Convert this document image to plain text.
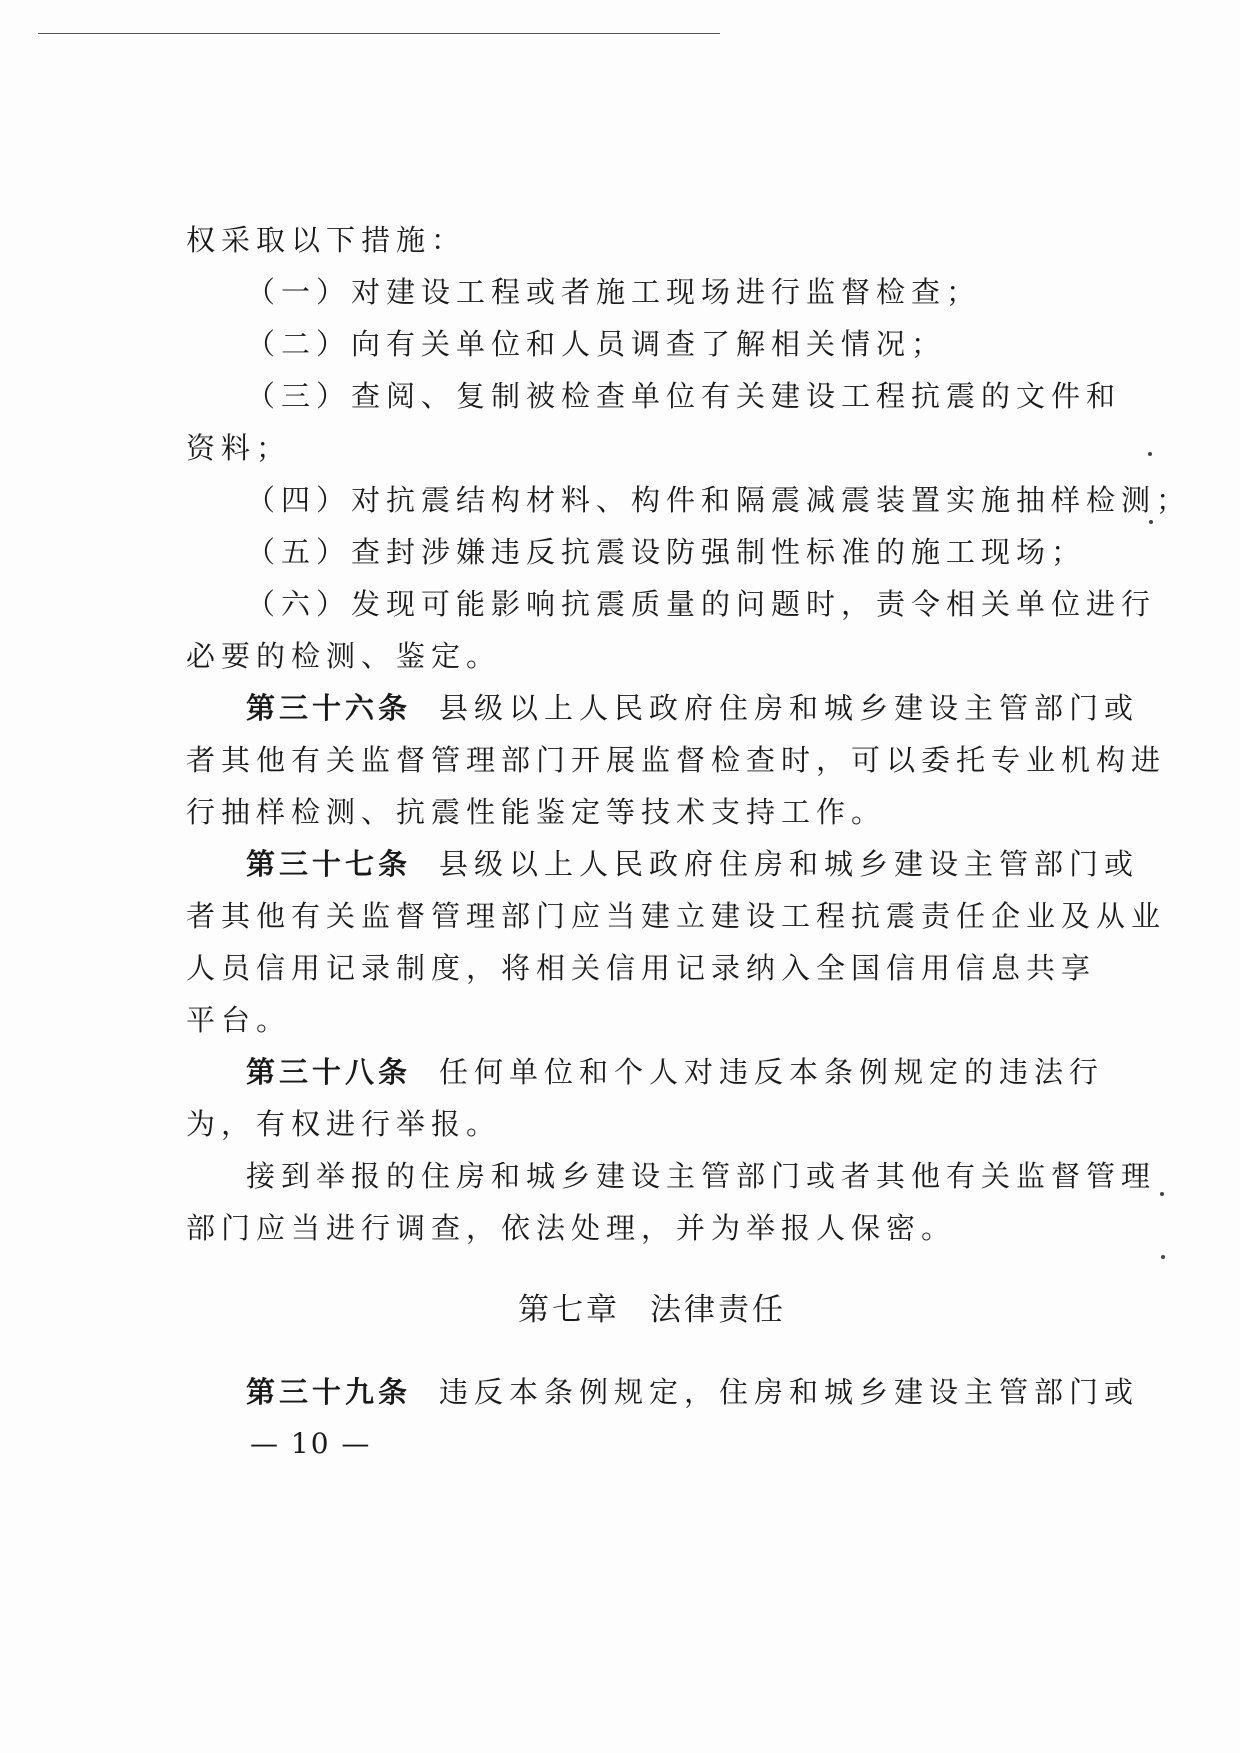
权采取以下措施：
（一）对建设工程或者施工现场进行监督检查；
（二）向有关单位和人员调查了解相关情况；
（三）查阅、复制被检查单位有关建设工程抗震的文件和
资料；
（四）对抗震结构材料、构件和隔震减震装置实施抽样检测；
（五）查封涉嫌违反抗震设防强制性标准的施工现场；
（六）发现可能影响抗震质量的问题时，责令相关单位进行
必要的检测、鉴定。
第三十六条 县级以上人民政府住房和城乡建设主管部门或
者其他有关监督管理部门开展监督检查时，可以委托专业机构进
行抽样检测、抗震性能鉴定等技术支持工作。
第三十七条 县级以上人民政府住房和城乡建设主管部门或
者其他有关监督管理部门应当建立建设工程抗震责任企业及从业
人员信用记录制度，将相关信用记录纳入全国信用信息共享
平台。
第三十八条 任何单位和个人对违反本条例规定的违法行
为，有权进行举报。
接到举报的住房和城乡建设主管部门或者其他有关监督管理
部门应当进行调查，依法处理，并为举报人保密。
第七章 法律责任
第三十九条 违反本条例规定，住房和城乡建设主管部门或
— 10 —
